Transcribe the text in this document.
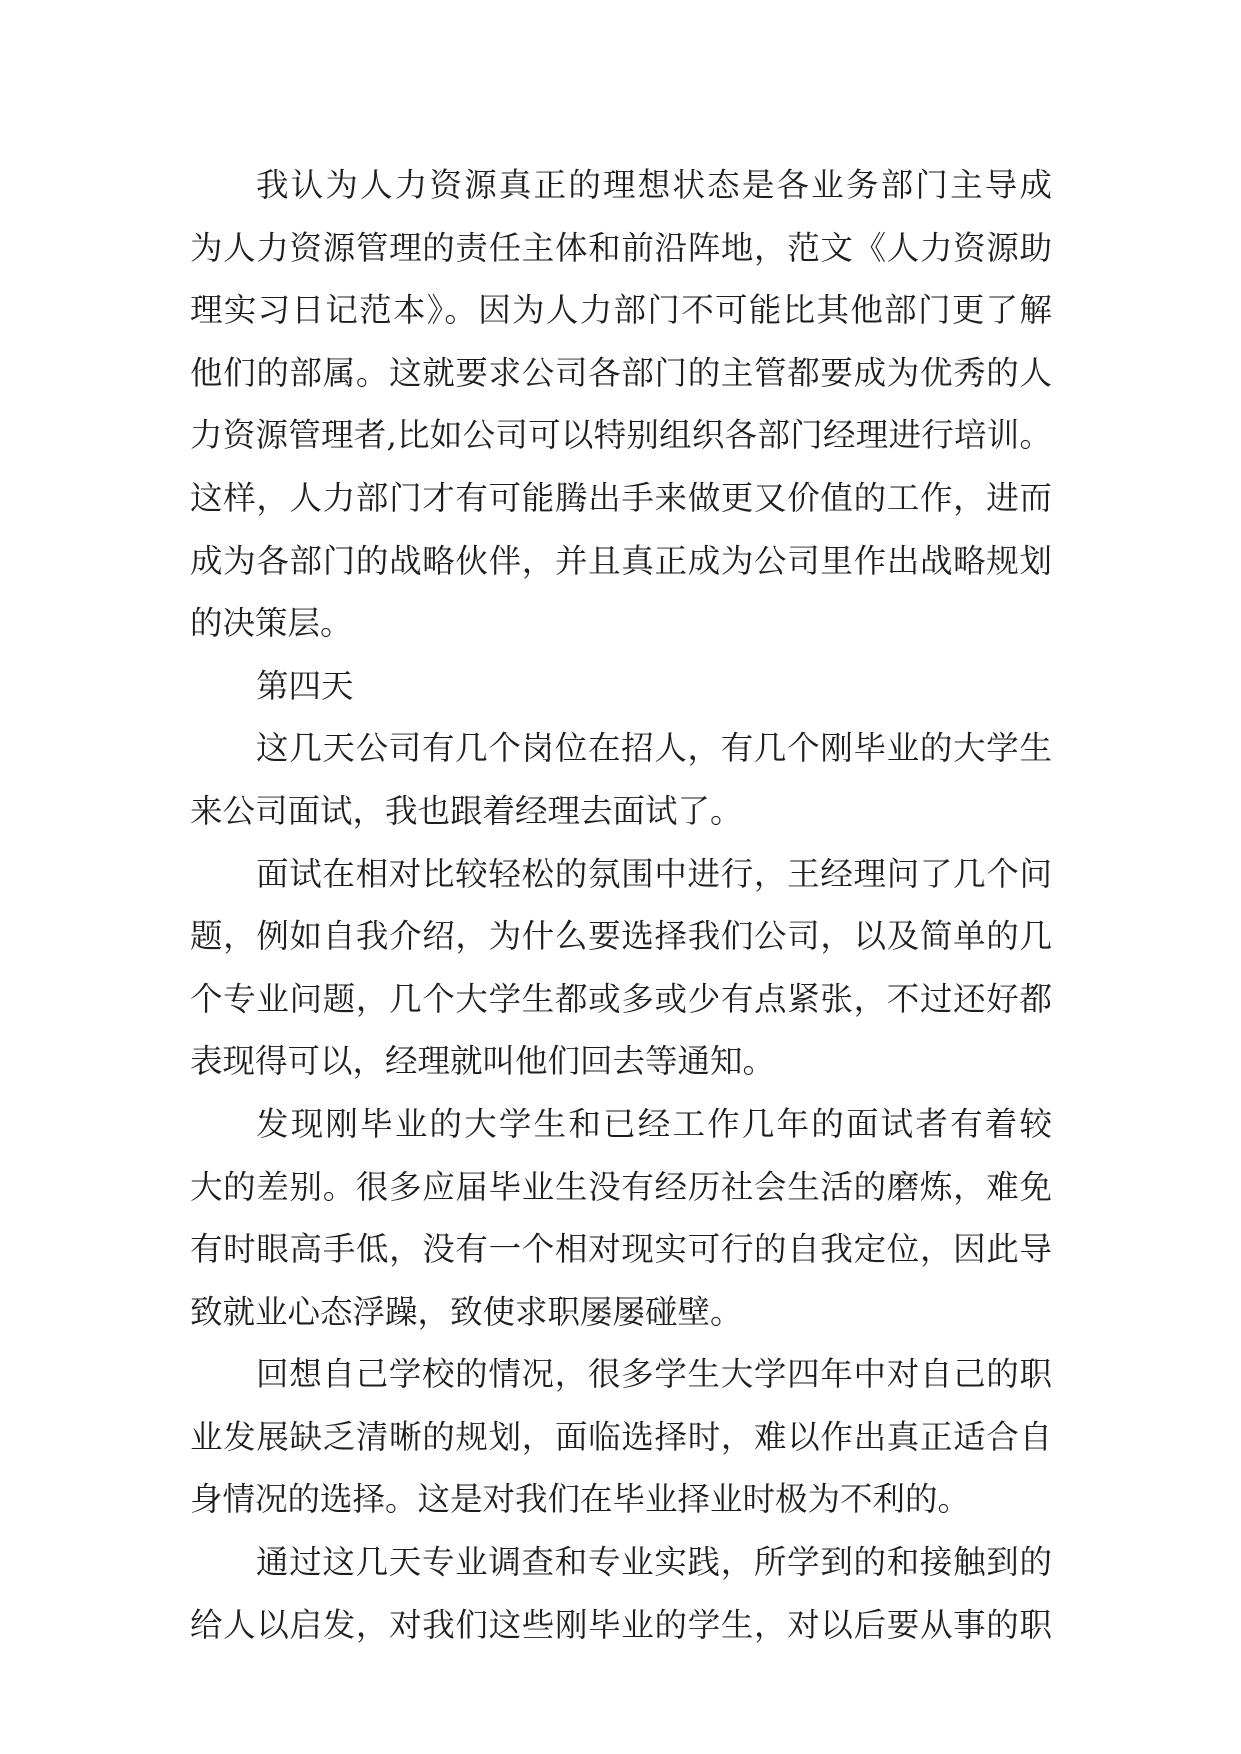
我认为人力资源真正的理想状态是各业务部门主导成
为人力资源管理的责任主体和前沿阵地，范文《人力资源助
理实习日记范本》。因为人力部门不可能比其他部门更了解
他们的部属。这就要求公司各部门的主管都要成为优秀的人
力资源管理者,比如公司可以特别组织各部门经理进行培训。
这样，人力部门才有可能腾出手来做更又价值的工作，进而
成为各部门的战略伙伴，并且真正成为公司里作出战略规划
的决策层。
第四天
这几天公司有几个岗位在招人，有几个刚毕业的大学生
来公司面试，我也跟着经理去面试了。
面试在相对比较轻松的氛围中进行，王经理问了几个问
题，例如自我介绍，为什么要选择我们公司，以及简单的几
个专业问题，几个大学生都或多或少有点紧张，不过还好都
表现得可以，经理就叫他们回去等通知。
发现刚毕业的大学生和已经工作几年的面试者有着较
大的差别。很多应届毕业生没有经历社会生活的磨炼，难免
有时眼高手低，没有一个相对现实可行的自我定位，因此导
致就业心态浮躁，致使求职屡屡碰壁。
回想自己学校的情况，很多学生大学四年中对自己的职
业发展缺乏清晰的规划，面临选择时，难以作出真正适合自
身情况的选择。这是对我们在毕业择业时极为不利的。
通过这几天专业调查和专业实践，所学到的和接触到的
给人以启发，对我们这些刚毕业的学生，对以后要从事的职
